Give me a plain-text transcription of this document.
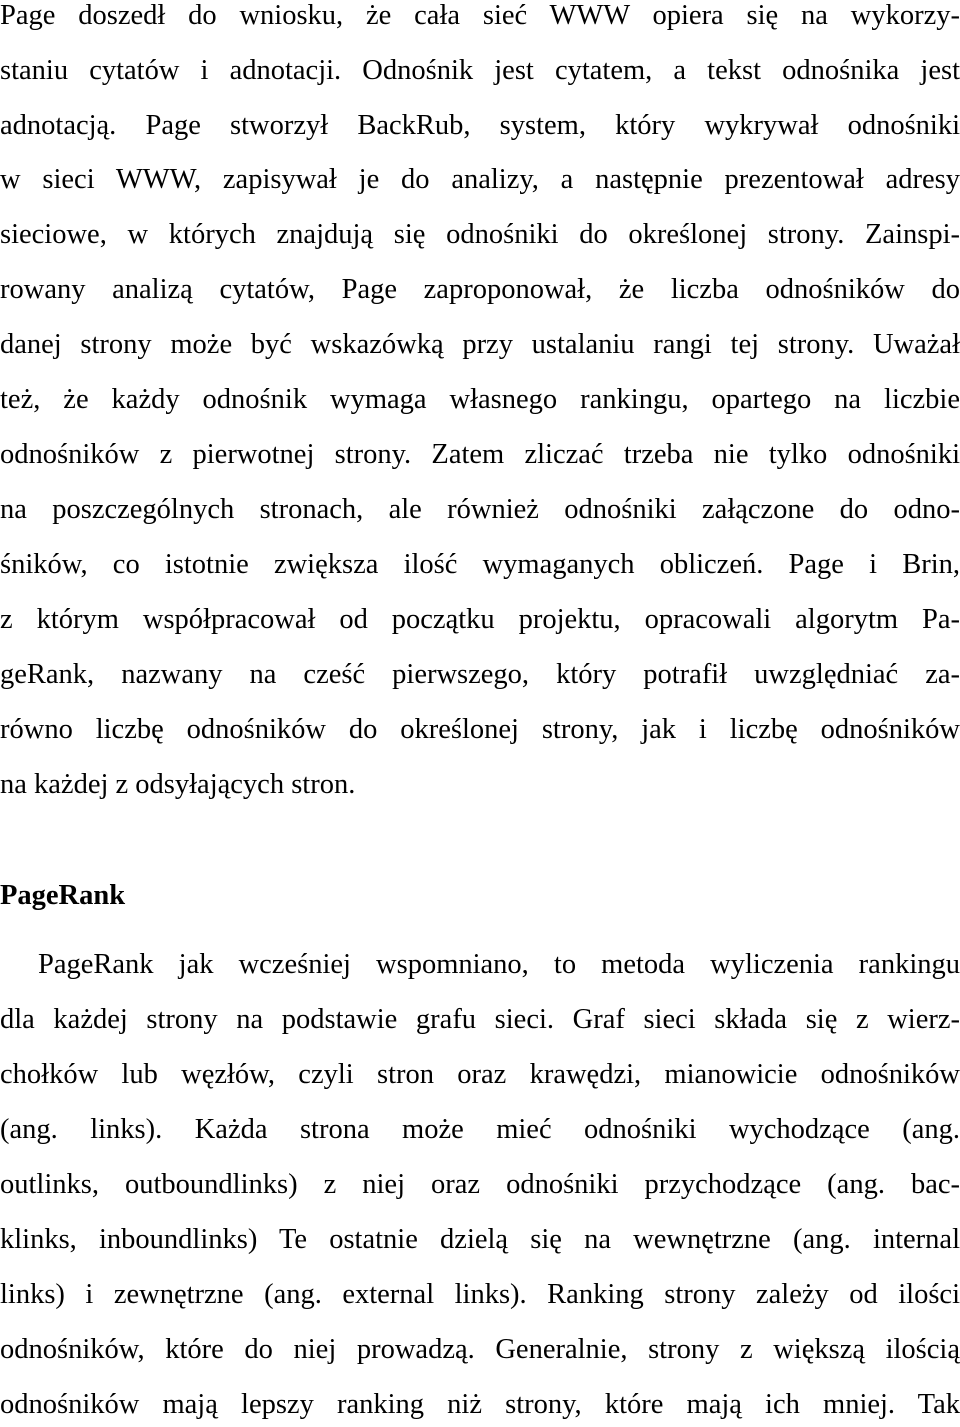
Page doszedł do wniosku, że cała sieć WWW opiera się na wykorzy-
staniu cytatów i adnotacji. Odnośnik jest cytatem, a tekst odnośnika jest
adnotacją. Page stworzył BackRub, system, który wykrywał odnośniki
w sieci WWW, zapisywał je do analizy, a następnie prezentował adresy
sieciowe, w których znajdują się odnośniki do określonej strony. Zainspi-
rowany analizą cytatów, Page zaproponował, że liczba odnośników do
danej strony może być wskazówką przy ustalaniu rangi tej strony. Uważał
też, że każdy odnośnik wymaga własnego rankingu, opartego na liczbie
odnośników z pierwotnej strony. Zatem zliczać trzeba nie tylko odnośniki
na poszczególnych stronach, ale również odnośniki załączone do odno-
śników, co istotnie zwiększa ilość wymaganych obliczeń. Page i Brin,
z którym współpracował od początku projektu, opracowali algorytm Pa-
geRank, nazwany na cześć pierwszego, który potrafił uwzględniać za-
równo liczbę odnośników do określonej strony, jak i liczbę odnośników
na każdej z odsyłających stron.
PageRank
PageRank jak wcześniej wspomniano, to metoda wyliczenia rankingu
dla każdej strony na podstawie grafu sieci. Graf sieci składa się z wierz-
chołków lub węzłów, czyli stron oraz krawędzi, mianowicie odnośników
(ang. links). Każda strona może mieć odnośniki wychodzące (ang.
outlinks, outboundlinks) z niej oraz odnośniki przychodzące (ang. bac-
klinks, inboundlinks) Te ostatnie dzielą się na wewnętrzne (ang. internal
links) i zewnętrzne (ang. external links). Ranking strony zależy od ilości
odnośników, które do niej prowadzą. Generalnie, strony z większą ilością
odnośników mają lepszy ranking niż strony, które mają ich mniej. Tak
